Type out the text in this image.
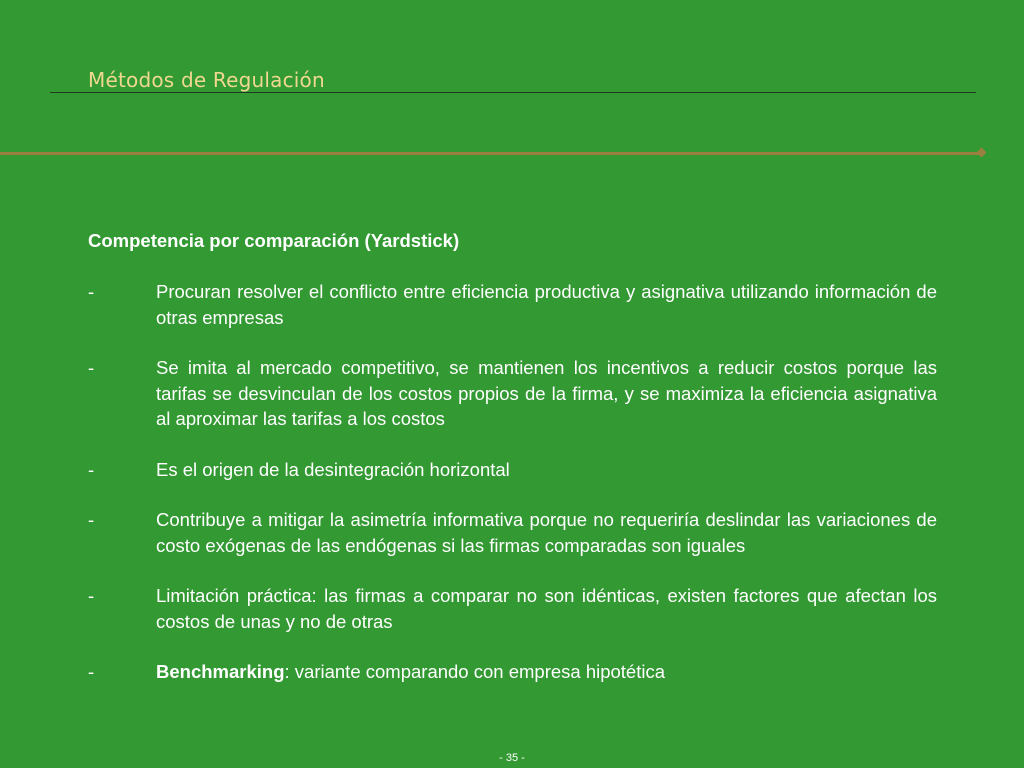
Métodos de Regulación
Competencia por comparación (Yardstick)
-	Procuran resolver el conflicto entre eficiencia productiva y asignativa utilizando información de otras empresas
-	Se imita al mercado competitivo, se mantienen los incentivos a reducir costos porque las tarifas se desvinculan de los costos propios de la firma, y se maximiza la eficiencia asignativa al aproximar las tarifas a los costos
-	Es el origen de la desintegración horizontal
-	Contribuye a mitigar la asimetría informativa porque no requeriría deslindar las variaciones de costo exógenas de las endógenas si las firmas comparadas son iguales
-	Limitación práctica: las firmas a comparar no son idénticas, existen factores que afectan los costos de unas y no de otras
-	Benchmarking: variante comparando con empresa hipotética
- 35 -
